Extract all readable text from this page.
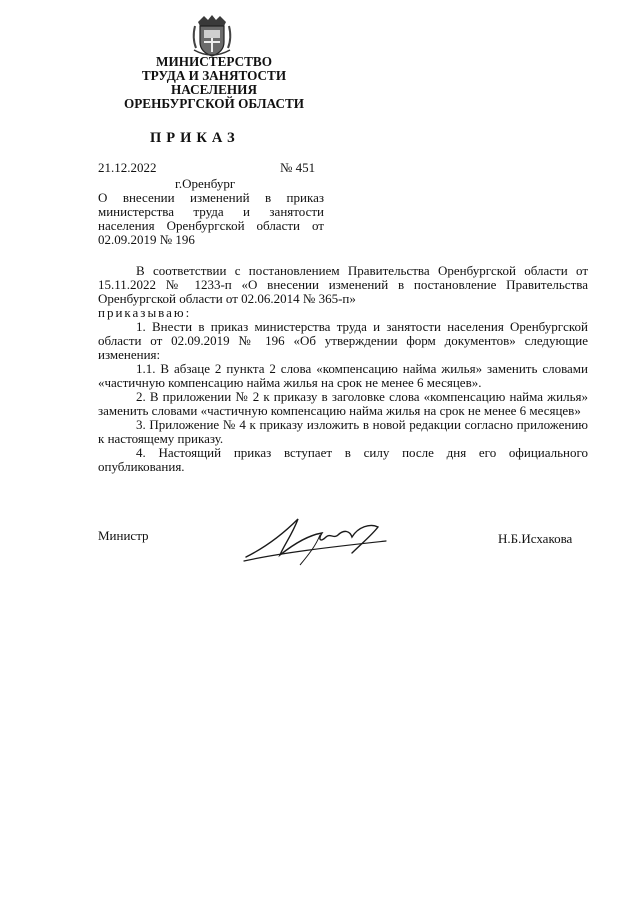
МИНИСТЕРСТВО
ТРУДА И ЗАНЯТОСТИ
НАСЕЛЕНИЯ
ОРЕНБУРГСКОЙ ОБЛАСТИ
ПРИКАЗ
21.12.2022	№ 451
г.Оренбург
О внесении изменений в приказ министерства труда и занятости населения Оренбургской области от 02.09.2019 № 196

В соответствии с постановлением Правительства Оренбургской области от 15.11.2022 № 1233-п «О внесении изменений в постановление Правительства Оренбургской области от 02.06.2014 № 365-п»

приказываю:

1. Внести в приказ министерства труда и занятости населения Оренбургской области от 02.09.2019 № 196 «Об утверждении форм документов» следующие изменения:

1.1. В абзаце 2 пункта 2 слова «компенсацию найма жилья» заменить словами «частичную компенсацию найма жилья на срок не менее 6 месяцев».

2. В приложении № 2 к приказу в заголовке слова «компенсацию найма жилья» заменить словами «частичную компенсацию найма жилья на срок не менее 6 месяцев»

3. Приложение № 4 к приказу изложить в новой редакции согласно приложению к настоящему приказу.

4. Настоящий приказ вступает в силу после дня его официального опубликования.

Министр	Н.Б.Исхакова
